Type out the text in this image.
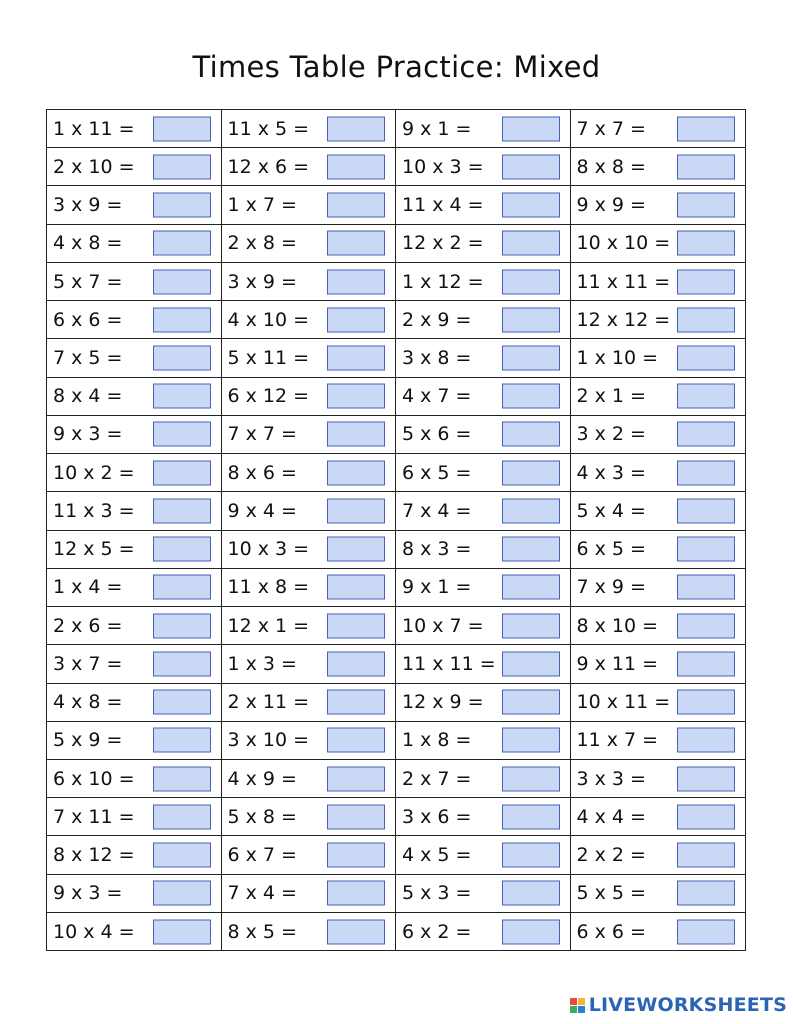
Times Table Practice: Mixed
1 x 11 =
2 x 10 =
3 x 9 =
4 x 8 =
5 x 7 =
6 x 6 =
7 x 5 =
8 x 4 =
9 x 3 =
10 x 2 =
11 x 3 =
12 x 5 =
1 x 4 =
2 x 6 =
3 x 7 =
4 x 8 =
5 x 9 =
6 x 10 =
7 x 11 =
8 x 12 =
9 x 3 =
10 x 4 =
11 x 5 =
12 x 6 =
1 x 7 =
2 x 8 =
3 x 9 =
4 x 10 =
5 x 11 =
6 x 12 =
7 x 7 =
8 x 6 =
9 x 4 =
10 x 3 =
11 x 8 =
12 x 1 =
1 x 3 =
2 x 11 =
3 x 10 =
4 x 9 =
5 x 8 =
6 x 7 =
7 x 4 =
8 x 5 =
9 x 1 =
10 x 3 =
11 x 4 =
12 x 2 =
1 x 12 =
2 x 9 =
3 x 8 =
4 x 7 =
5 x 6 =
6 x 5 =
7 x 4 =
8 x 3 =
9 x 1 =
10 x 7 =
11 x 11 =
12 x 9 =
1 x 8 =
2 x 7 =
3 x 6 =
4 x 5 =
5 x 3 =
6 x 2 =
7 x 7 =
8 x 8 =
9 x 9 =
10 x 10 =
11 x 11 =
12 x 12 =
1 x 10 =
2 x 1 =
3 x 2 =
4 x 3 =
5 x 4 =
6 x 5 =
7 x 9 =
8 x 10 =
9 x 11 =
10 x 11 =
11 x 7 =
3 x 3 =
4 x 4 =
2 x 2 =
5 x 5 =
6 x 6 =
LIVEWORKSHEETS
